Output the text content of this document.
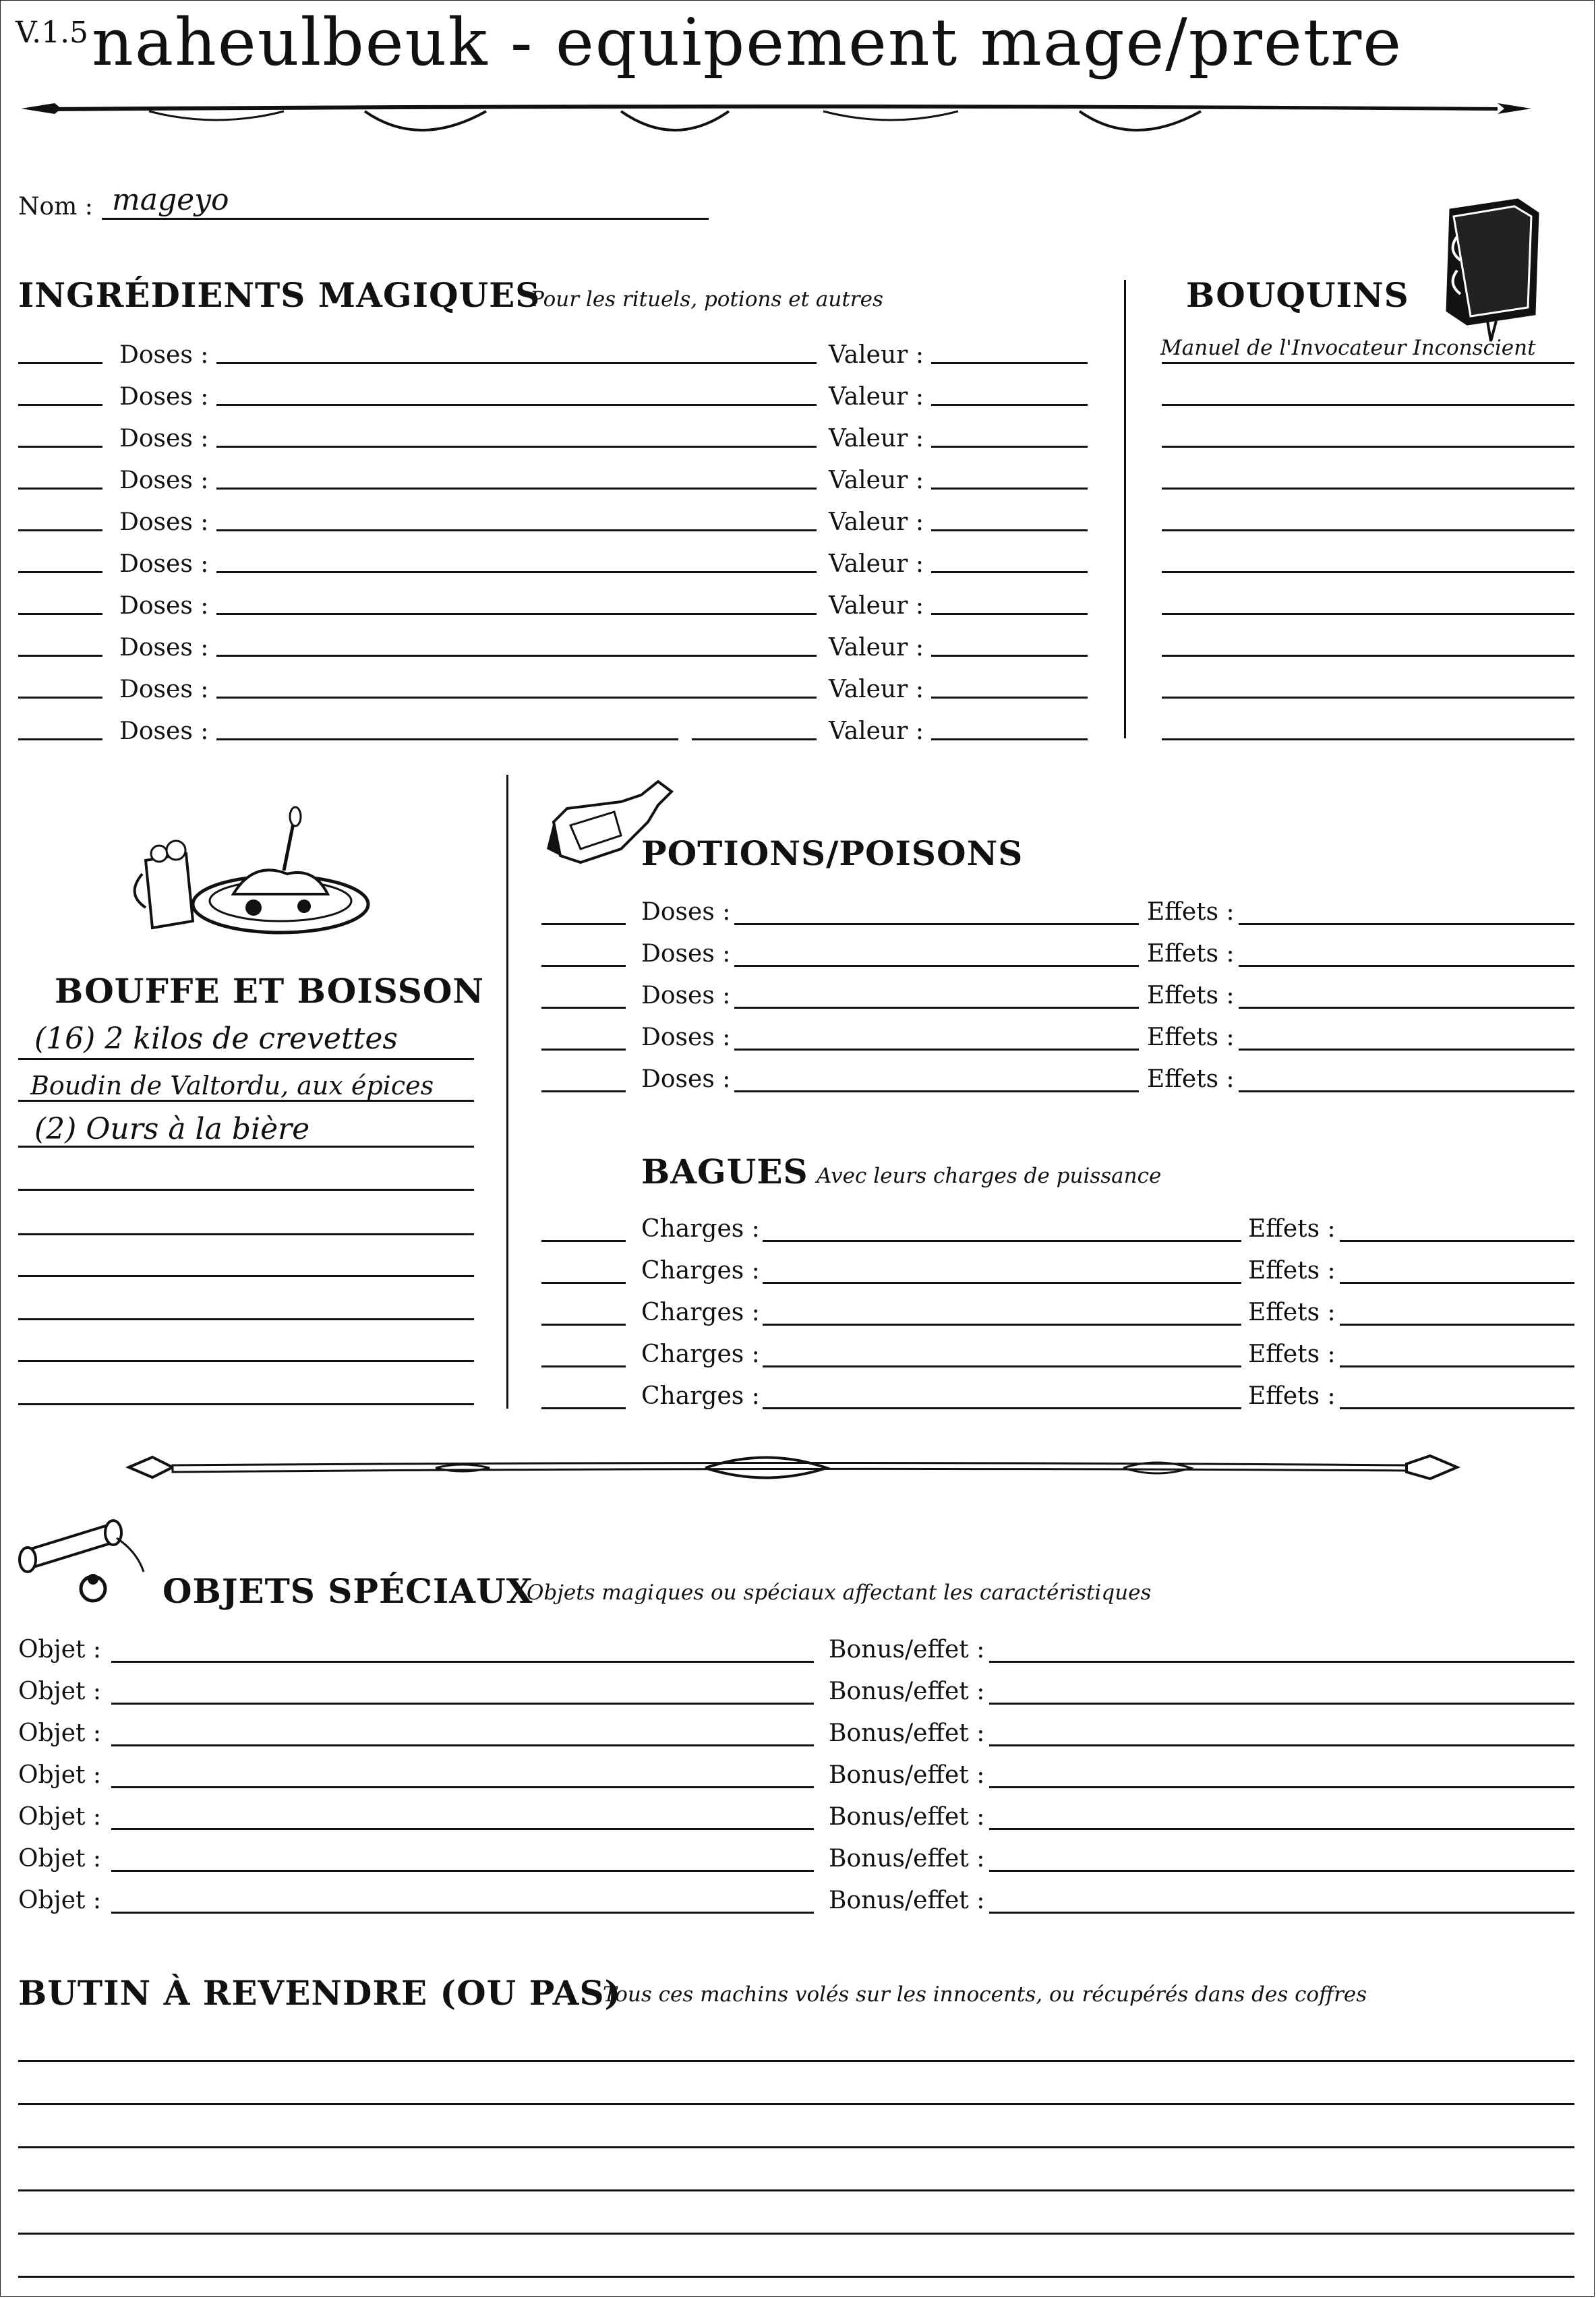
V.1.5 naheulbeuk - equipement mage/pretre
Nom : mageyo
INGRÉDIENTS MAGIQUES
Pour les rituels, potions et autres
Doses :	Valeur :
Doses :	Valeur :
Doses :	Valeur :
Doses :	Valeur :
Doses :	Valeur :
Doses :	Valeur :
Doses :	Valeur :
Doses :	Valeur :
Doses :	Valeur :
Doses :	Valeur :
BOUQUINS
Manuel de l'Invocateur Inconscient
BOUFFE ET BOISSON
(16) 2 kilos de crevettes
Boudin de Valtordu, aux épices
(2) Ours à la bière
POTIONS/POISONS
Doses :	Effets :
Doses :	Effets :
Doses :	Effets :
Doses :	Effets :
Doses :	Effets :
BAGUES Avec leurs charges de puissance
Charges :	Effets :
Charges :	Effets :
Charges :	Effets :
Charges :	Effets :
Charges :	Effets :
OBJETS SPÉCIAUX
Objets magiques ou spéciaux affectant les caractéristiques
Objet :	Bonus/effet :
Objet :	Bonus/effet :
Objet :	Bonus/effet :
Objet :	Bonus/effet :
Objet :	Bonus/effet :
Objet :	Bonus/effet :
Objet :	Bonus/effet :
BUTIN À REVENDRE (OU PAS)
Tous ces machins volés sur les innocents, ou récupérés dans des coffres
